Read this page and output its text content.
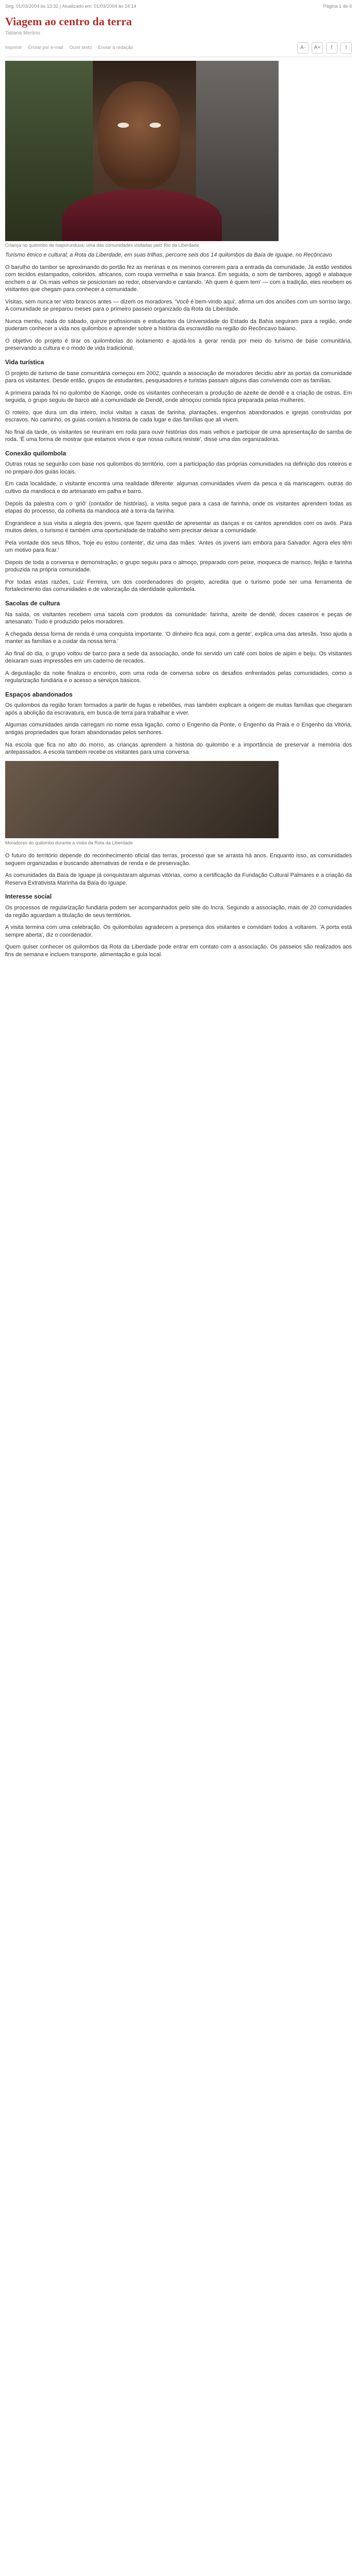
Seg, 01/03/2004 às 13:32 | Atualizado em: 01/03/2004 às 14:14	Página 1 de 4
Viagem ao centro da terra
Tatiana Merlino
Imprimir Enviar por e-mail Ouvir texto Enviar à redação	A-	A+	f	t
Criança no quilombo de Ivaporunduva: uma das comunidades visitadas pelo Rio da Liberdade

Turismo étnico e cultural; a Rota da Liberdade, em suas trilhas, percorre seis dos 14 quilombos da Baía de Iguape, no Recôncavo

O barulho do tambor se aproximando do portão fez as meninas e os meninos correrem para a entrada da comunidade. Já estão vestidos com tecidos estampados, coloridos, africanos, com roupa vermelha e saia branca. Em seguida, o som de tambores, agogô e atabaque enchem o ar. Os mais velhos se posicionam ao redor, observando e cantando. 'Ah quem é quem tem' — com a tradição, eles recebem os visitantes que chegam para conhecer a comunidade.

Visitas, sem nunca ter visto brancos antes — dizem os moradores. 'Você é bem-vindo aqui', afirma um dos anciões com um sorriso largo. A comunidade se preparou meses para o primeiro passeio organizado da Rota da Liberdade.

Nunca mentiu, nada do sábado, quinze profissionais e estudantes da Universidade do Estado da Bahia seguiram para a região, onde puderam conhecer a vida nos quilombos e aprender sobre a história da escravidão na região do Recôncavo baiano.

O objetivo do projeto é tirar os quilombolas do isolamento e ajudá-los a gerar renda por meio do turismo de base comunitária, preservando a cultura e o modo de vida tradicional.

Vida turística

O projeto de turismo de base comunitária começou em 2002, quando a associação de moradores decidiu abrir as portas da comunidade para os visitantes. Desde então, grupos de estudantes, pesquisadores e turistas passam alguns dias convivendo com as famílias.

A primeira parada foi no quilombo de Kaonge, onde os visitantes conheceram a produção de azeite de dendê e a criação de ostras. Em seguida, o grupo seguiu de barco até a comunidade de Dendê, onde almoçou comida típica preparada pelas mulheres.

O roteiro, que dura um dia inteiro, inclui visitas a casas de farinha, plantações, engenhos abandonados e igrejas construídas por escravos. No caminho, os guias contam a história de cada lugar e das famílias que ali vivem.

No final da tarde, os visitantes se reuniram em roda para ouvir histórias dos mais velhos e participar de uma apresentação de samba de roda. 'É uma forma de mostrar que estamos vivos e que nossa cultura resiste', disse uma das organizadoras.

Conexão quilombola

Outras rotas se seguirão com base nos quilombos do território, com a participação das próprias comunidades na definição dos roteiros e no preparo dos guias locais.

Em cada localidade, o visitante encontra uma realidade diferente: algumas comunidades vivem da pesca e da mariscagem, outras do cultivo da mandioca e do artesanato em palha e barro.

Depois da palestra com o 'griô' (contador de histórias), a visita segue para a casa de farinha, onde os visitantes aprendem todas as etapas do processo, da colheita da mandioca até a torra da farinha.

Engrandece a sua visita a alegria dos jovens, que fazem questão de apresentar as danças e os cantos aprendidos com os avós. Para muitos deles, o turismo é também uma oportunidade de trabalho sem precisar deixar a comunidade.

Pela vontade dos seus filhos, 'hoje eu estou contente', diz uma das mães. 'Antes os jovens iam embora para Salvador. Agora eles têm um motivo para ficar.'

Depois de toda a conversa e demonstração, o grupo seguiu para o almoço, preparado com peixe, moqueca de marisco, feijão e farinha produzida na própria comunidade.

Por todas estas razões, Luiz Ferreira, um dos coordenadores do projeto, acredita que o turismo pode ser uma ferramenta de fortalecimento das comunidades e de valorização da identidade quilombola.

Sacolas de cultura

Na saída, os visitantes recebem uma sacola com produtos da comunidade: farinha, azeite de dendê, doces caseiros e peças de artesanato. Tudo é produzido pelos moradores.

A chegada dessa forma de renda é uma conquista importante. 'O dinheiro fica aqui, com a gente', explica uma das artesãs. 'Isso ajuda a manter as famílias e a cuidar da nossa terra.'

Ao final do dia, o grupo voltou de barco para a sede da associação, onde foi servido um café com bolos de aipim e beiju. Os visitantes deixaram suas impressões em um caderno de recados.

A degustação da noite finaliza o encontro, com uma roda de conversa sobre os desafios enfrentados pelas comunidades, como a regularização fundiária e o acesso a serviços básicos.

Espaços abandonados

Os quilombos da região foram formados a partir de fugas e rebeliões, mas também explicam a origem de muitas famílias que chegaram após a abolição da escravatura, em busca de terra para trabalhar e viver.

Algumas comunidades ainda carregam no nome essa ligação, como o Engenho da Ponte, o Engenho da Praia e o Engenho da Vitória, antigas propriedades que foram abandonadas pelos senhores.

Na escola que fica no alto do morro, as crianças aprendem a história do quilombo e a importância de preservar a memória dos antepassados. A escola também recebe os visitantes para uma conversa.

Moradores do quilombo durante a visita da Rota da Liberdade

O futuro do território depende do reconhecimento oficial das terras, processo que se arrasta há anos. Enquanto isso, as comunidades seguem organizadas e buscando alternativas de renda e de preservação.

As comunidades da Baía de Iguape já conquistaram algumas vitórias, como a certificação da Fundação Cultural Palmares e a criação da Reserva Extrativista Marinha da Baía do Iguape.

Interesse social

Os processos de regularização fundiária podem ser acompanhados pelo site do Incra. Segundo a associação, mais de 20 comunidades da região aguardam a titulação de seus territórios.

A visita termina com uma celebração. Os quilombolas agradecem a presença dos visitantes e convidam todos a voltarem. 'A porta está sempre aberta', diz o coordenador.

Quem quiser conhecer os quilombos da Rota da Liberdade pode entrar em contato com a associação. Os passeios são realizados aos fins de semana e incluem transporte, alimentação e guia local.
